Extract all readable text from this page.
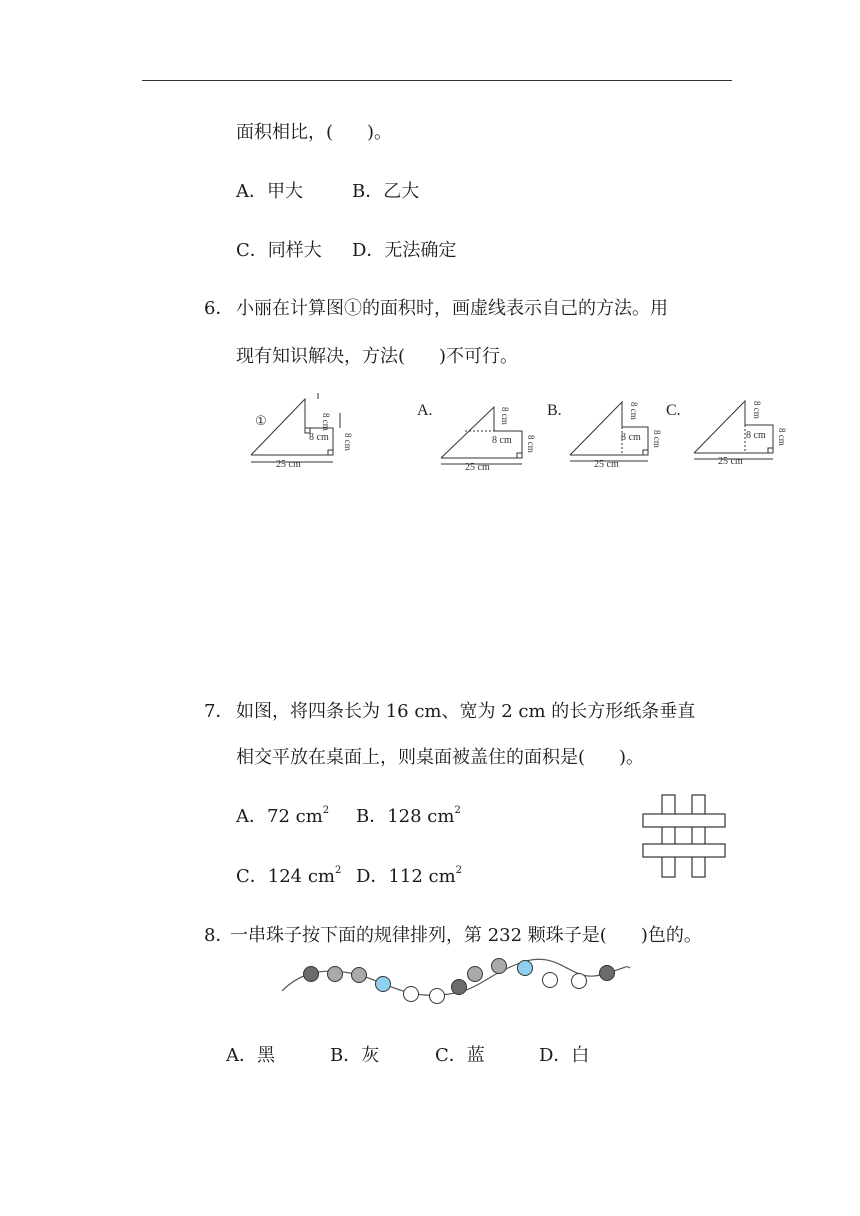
面积相比，( )。
A．甲大	B．乙大
C．同样大 D．无法确定
6． 小丽在计算图①的面积时，画虚线表示自己的方法。用
现有知识解决，方法( )不可行。
①
25 cm
8 cm
8 cm
8 cm
A.
25 cm
8 cm
8 cm
8 cm
B.
25 cm
8 cm
8 cm
8 cm
C.
25 cm
8 cm
8 cm
8 cm
7． 如图，将四条长为 16 cm、宽为 2 cm 的长方形纸条垂直
相交平放在桌面上，则桌面被盖住的面积是( )。
A．72 $cm^2$ B．128 $cm^2$
C．124 $cm^2$ D．112 $cm^2$
8．
一串珠子按下面的规律排列，第 232 颗珠子是( )色的。
A．黑	B．灰	C．蓝	D．白
